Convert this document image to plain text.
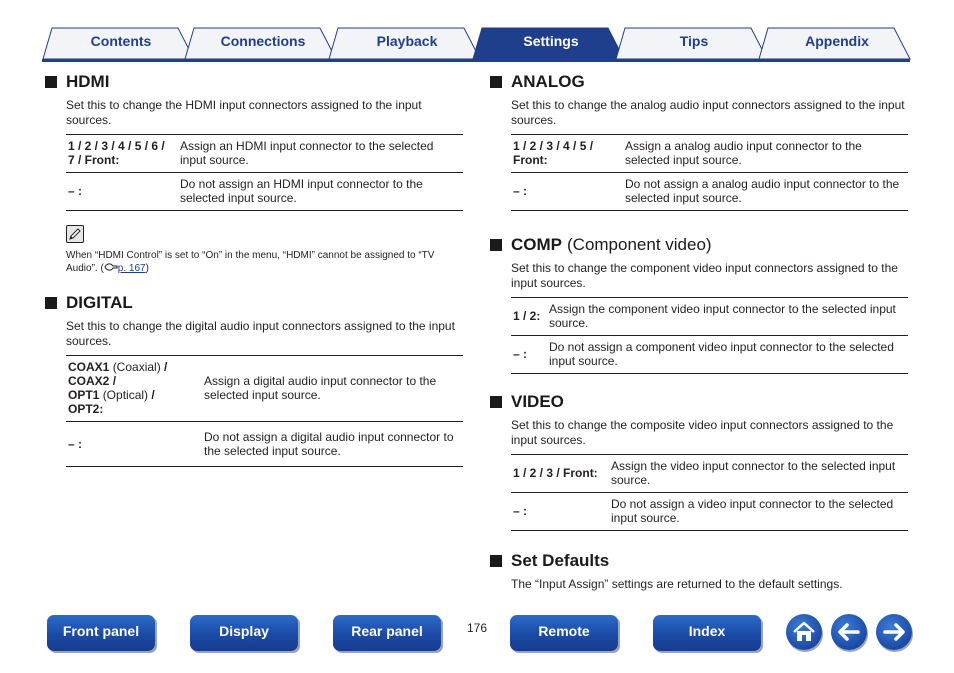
Contents	Connections	Playback	Settings	Tips	Appendix
HDMI

Set this to change the HDMI input connectors assigned to the input sources.

1 / 2 / 3 / 4 / 5 / 6 / 7 / Front:	Assign an HDMI input connector to the selected input source.
– :	Do not assign an HDMI input connector to the selected input source.

When “HDMI Control” is set to “On” in the menu, “HDMI” cannot be assigned to “TV Audio”. ( p. 167)

DIGITAL

Set this to change the digital audio input connectors assigned to the input sources.

COAX1 (Coaxial) /
COAX2 /
OPT1 (Optical) /
OPT2:	Assign a digital audio input connector to the selected input source.
– :	Do not assign a digital audio input connector to the selected input source.
ANALOG

Set this to change the analog audio input connectors assigned to the input sources.

1 / 2 / 3 / 4 / 5 / Front:	Assign a analog audio input connector to the selected input source.
– :	Do not assign a analog audio input connector to the selected input source.
COMP (Component video)

Set this to change the component video input connectors assigned to the input sources.

1 / 2:	Assign the component video input connector to the selected input source.
– :	Do not assign a component video input connector to the selected input source.
VIDEO

Set this to change the composite video input connectors assigned to the input sources.

1 / 2 / 3 / Front:	Assign the video input connector to the selected input source.
– :	Do not assign a video input connector to the selected input source.
Set Defaults

The “Input Assign” settings are returned to the default settings.

Front panel	Display	Rear panel	176	Remote	Index
